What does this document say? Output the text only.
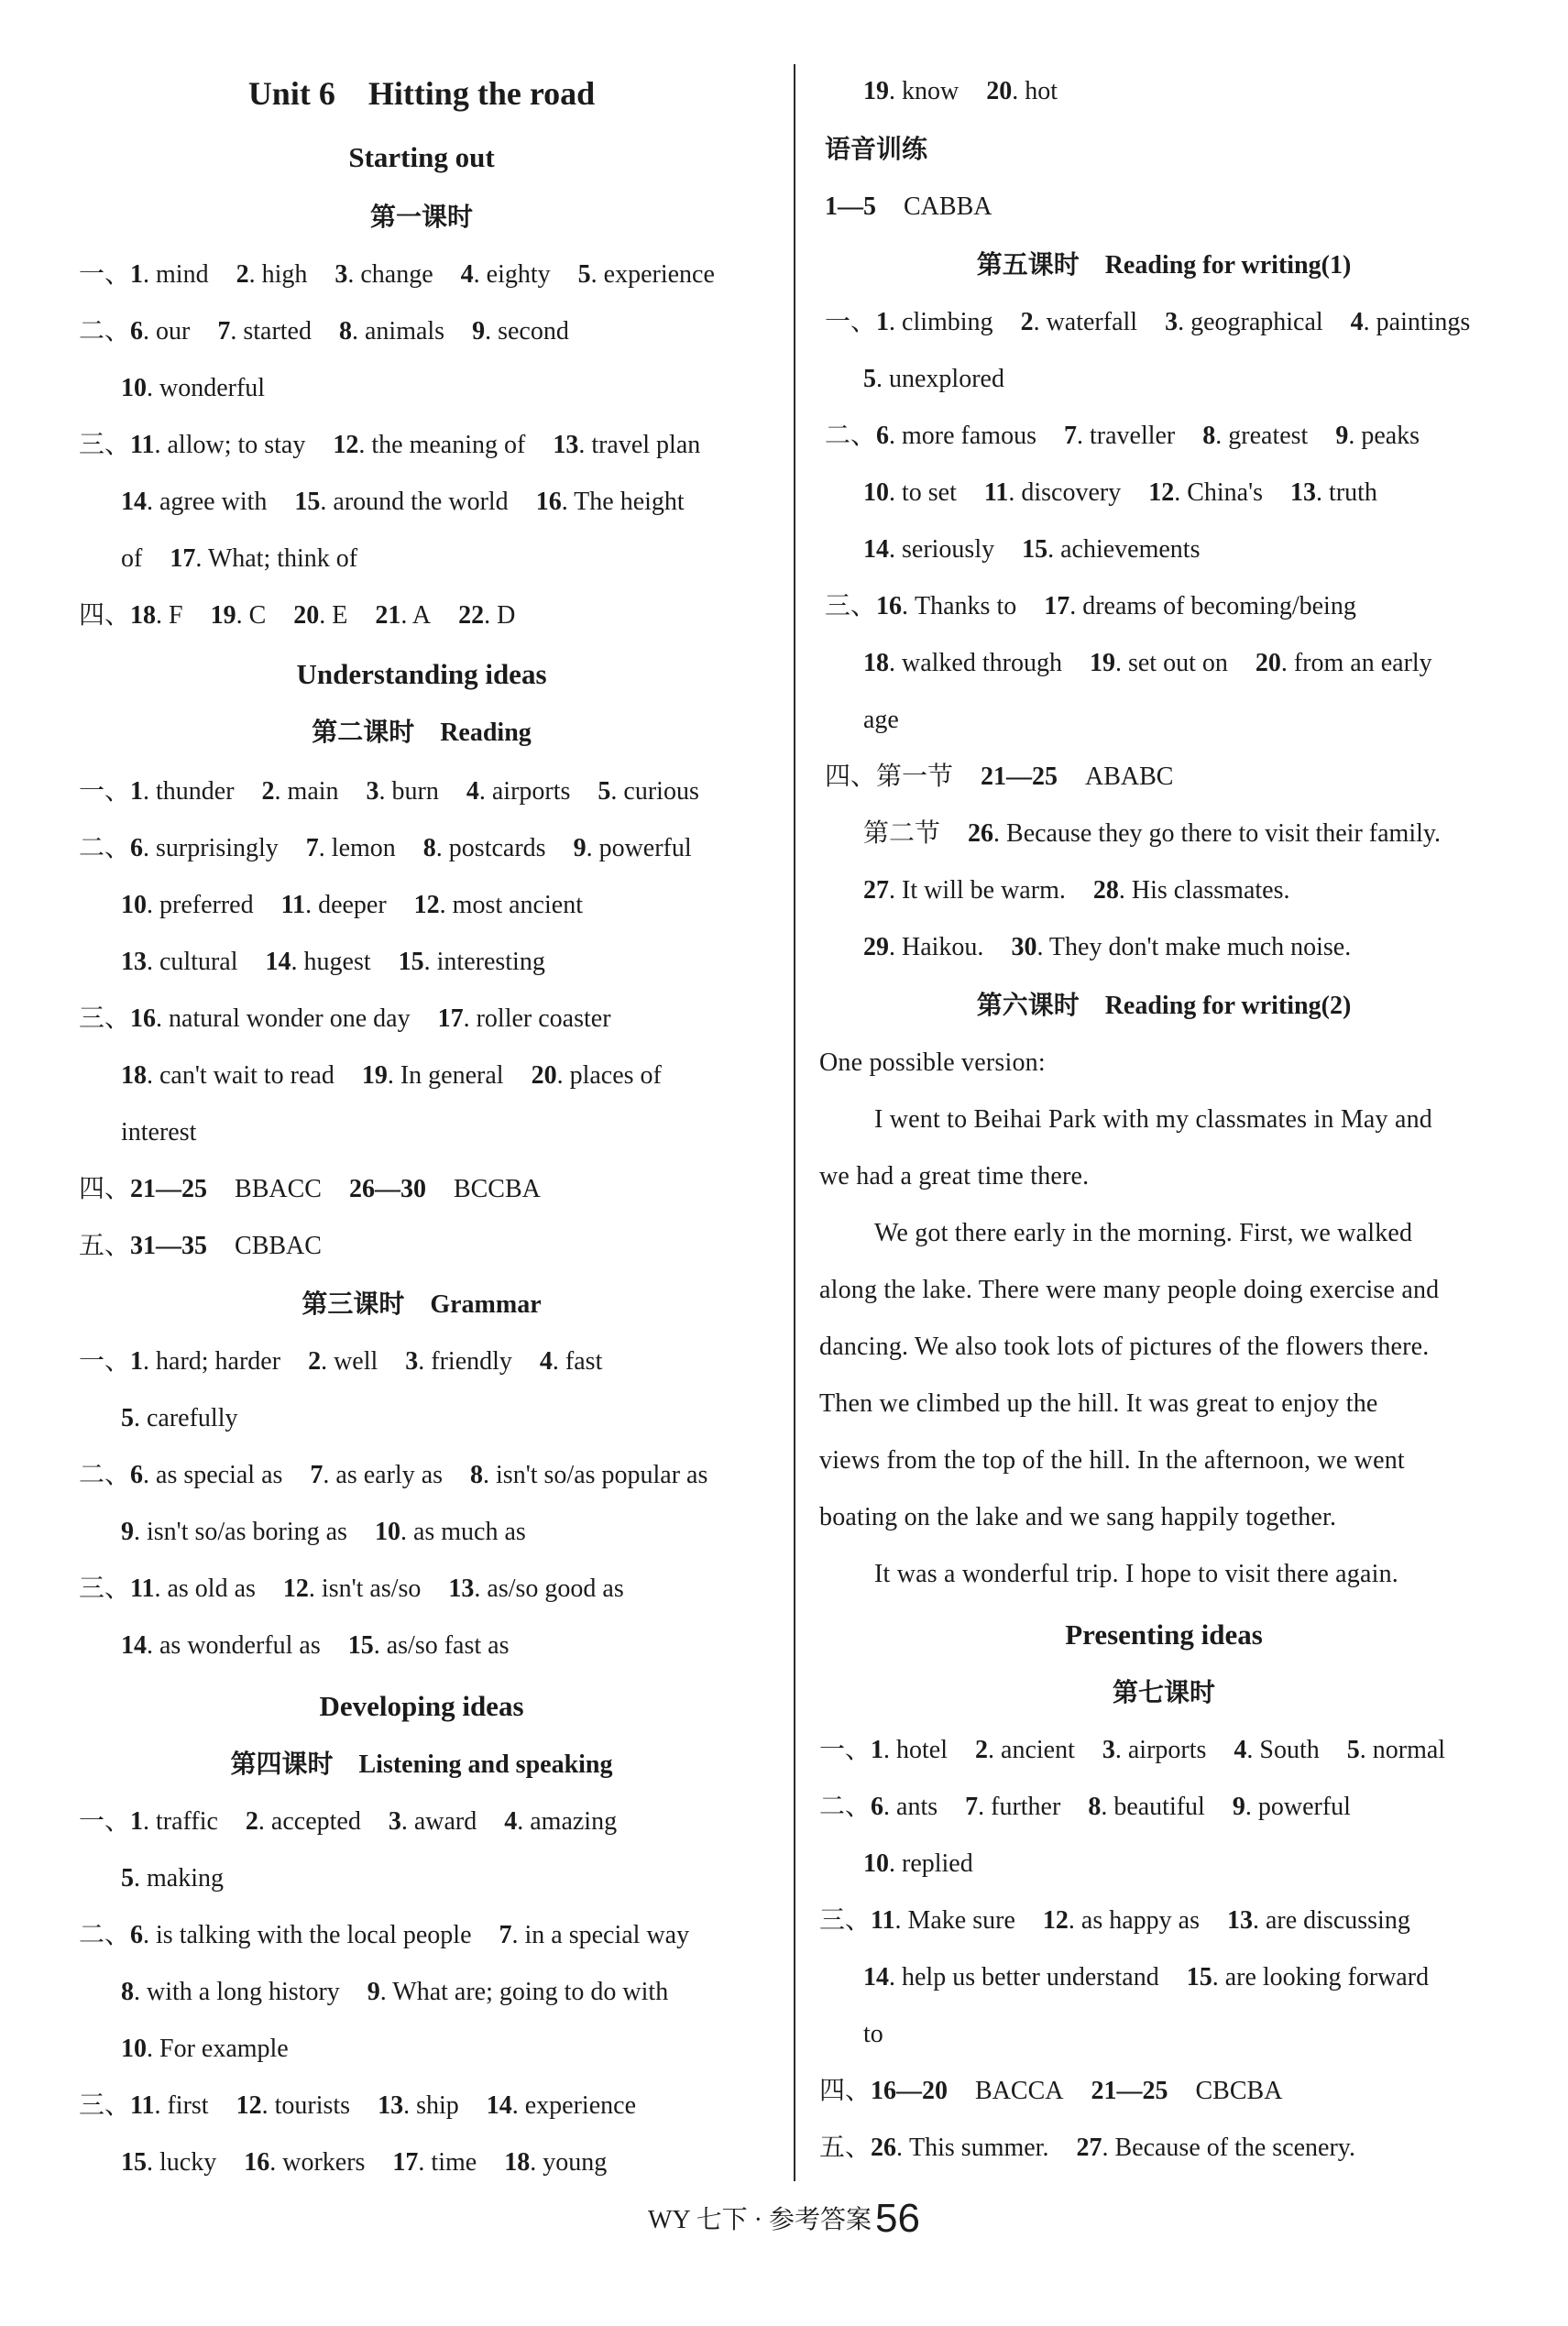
Unit 6　Hitting the road
Starting out
第一课时
一、1. mind 2. high 3. change 4. eighty 5. experience
二、6. our 7. started 8. animals 9. second
10. wonderful
三、11. allow; to stay 12. the meaning of 13. travel plan
14. agree with 15. around the world 16. The height
of 17. What; think of
四、18. F 19. C 20. E 21. A 22. D
Understanding ideas
第二课时　Reading
一、1. thunder 2. main 3. burn 4. airports 5. curious
二、6. surprisingly 7. lemon 8. postcards 9. powerful
10. preferred 11. deeper 12. most ancient
13. cultural 14. hugest 15. interesting
三、16. natural wonder one day 17. roller coaster
18. can't wait to read 19. In general 20. places of
interest
四、21—25 BBACC 26—30 BCCBA
五、31—35 CBBAC
第三课时　Grammar
一、1. hard; harder 2. well 3. friendly 4. fast
5. carefully
二、6. as special as 7. as early as 8. isn't so/as popular as
9. isn't so/as boring as 10. as much as
三、11. as old as 12. isn't as/so 13. as/so good as
14. as wonderful as 15. as/so fast as
Developing ideas
第四课时　Listening and speaking
一、1. traffic 2. accepted 3. award 4. amazing
5. making
二、6. is talking with the local people 7. in a special way
8. with a long history 9. What are; going to do with
10. For example
三、11. first 12. tourists 13. ship 14. experience
15. lucky 16. workers 17. time 18. young
19. know 20. hot
语音训练
1—5 CABBA
第五课时　Reading for writing(1)
一、1. climbing 2. waterfall 3. geographical 4. paintings
5. unexplored
二、6. more famous 7. traveller 8. greatest 9. peaks
10. to set 11. discovery 12. China's 13. truth
14. seriously 15. achievements
三、16. Thanks to 17. dreams of becoming/being
18. walked through 19. set out on 20. from an early
age
四、第一节 21—25 ABABC
第二节 26. Because they go there to visit their family.
27. It will be warm. 28. His classmates.
29. Haikou. 30. They don't make much noise.
第六课时　Reading for writing(2)
One possible version:
I went to Beihai Park with my classmates in May and
we had a great time there.
We got there early in the morning. First, we walked
along the lake. There were many people doing exercise and
dancing. We also took lots of pictures of the flowers there.
Then we climbed up the hill. It was great to enjoy the
views from the top of the hill. In the afternoon, we went
boating on the lake and we sang happily together.
It was a wonderful trip. I hope to visit there again.
Presenting ideas
第七课时
一、1. hotel 2. ancient 3. airports 4. South 5. normal
二、6. ants 7. further 8. beautiful 9. powerful
10. replied
三、11. Make sure 12. as happy as 13. are discussing
14. help us better understand 15. are looking forward
to
四、16—20 BACCA 21—25 CBCBA
五、26. This summer. 27. Because of the scenery.
WY 七下 · 参考答案56
